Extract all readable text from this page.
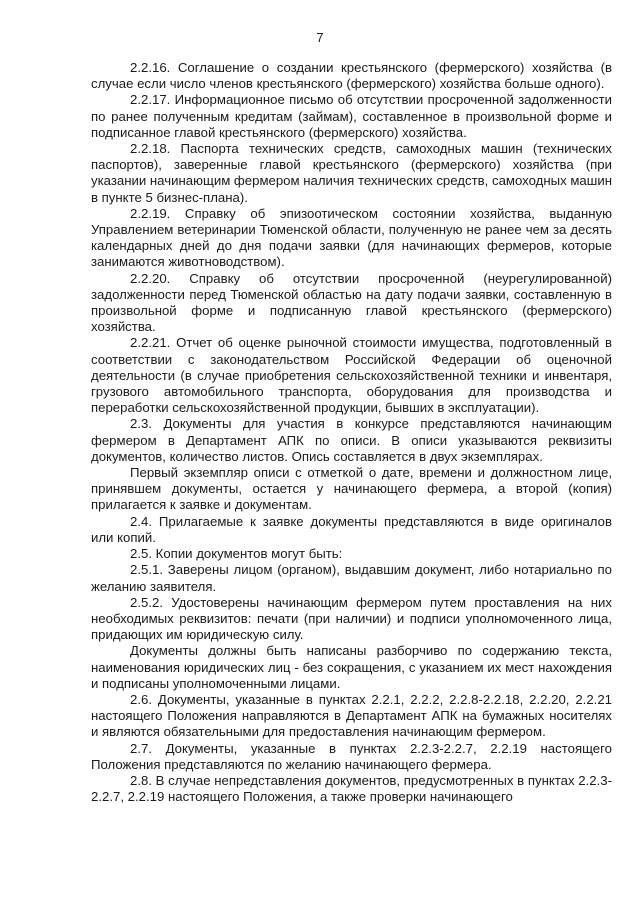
7

2.2.16. Соглашение о создании крестьянского (фермерского) хозяйства (в случае если число членов крестьянского (фермерского) хозяйства больше одного).

2.2.17. Информационное письмо об отсутствии просроченной задолженности по ранее полученным кредитам (займам), составленное в произвольной форме и подписанное главой крестьянского (фермерского) хозяйства.

2.2.18. Паспорта технических средств, самоходных машин (технических паспортов), заверенные главой крестьянского (фермерского) хозяйства (при указании начинающим фермером наличия технических средств, самоходных машин в пункте 5 бизнес-плана).

2.2.19. Справку об эпизоотическом состоянии хозяйства, выданную Управлением ветеринарии Тюменской области, полученную не ранее чем за десять календарных дней до дня подачи заявки (для начинающих фермеров, которые занимаются животноводством).

2.2.20. Справку об отсутствии просроченной (неурегулированной) задолженности перед Тюменской областью на дату подачи заявки, составленную в произвольной форме и подписанную главой крестьянского (фермерского) хозяйства.

2.2.21. Отчет об оценке рыночной стоимости имущества, подготовленный в соответствии с законодательством Российской Федерации об оценочной деятельности (в случае приобретения сельскохозяйственной техники и инвентаря, грузового автомобильного транспорта, оборудования для производства и переработки сельскохозяйственной продукции, бывших в эксплуатации).

2.3. Документы для участия в конкурсе представляются начинающим фермером в Департамент АПК по описи. В описи указываются реквизиты документов, количество листов. Опись составляется в двух экземплярах.

Первый экземпляр описи с отметкой о дате, времени и должностном лице, принявшем документы, остается у начинающего фермера, а второй (копия) прилагается к заявке и документам.

2.4. Прилагаемые к заявке документы представляются в виде оригиналов или копий.

2.5. Копии документов могут быть:

2.5.1. Заверены лицом (органом), выдавшим документ, либо нотариально по желанию заявителя.

2.5.2. Удостоверены начинающим фермером путем проставления на них необходимых реквизитов: печати (при наличии) и подписи уполномоченного лица, придающих им юридическую силу.

Документы должны быть написаны разборчиво по содержанию текста, наименования юридических лиц - без сокращения, с указанием их мест нахождения и подписаны уполномоченными лицами.

2.6. Документы, указанные в пунктах 2.2.1, 2.2.2, 2.2.8-2.2.18, 2.2.20, 2.2.21 настоящего Положения направляются в Департамент АПК на бумажных носителях и являются обязательными для предоставления начинающим фермером.

2.7. Документы, указанные в пунктах 2.2.3-2.2.7, 2.2.19 настоящего Положения представляются по желанию начинающего фермера.

2.8. В случае непредставления документов, предусмотренных в пунктах 2.2.3-2.2.7, 2.2.19 настоящего Положения, а также проверки начинающего
